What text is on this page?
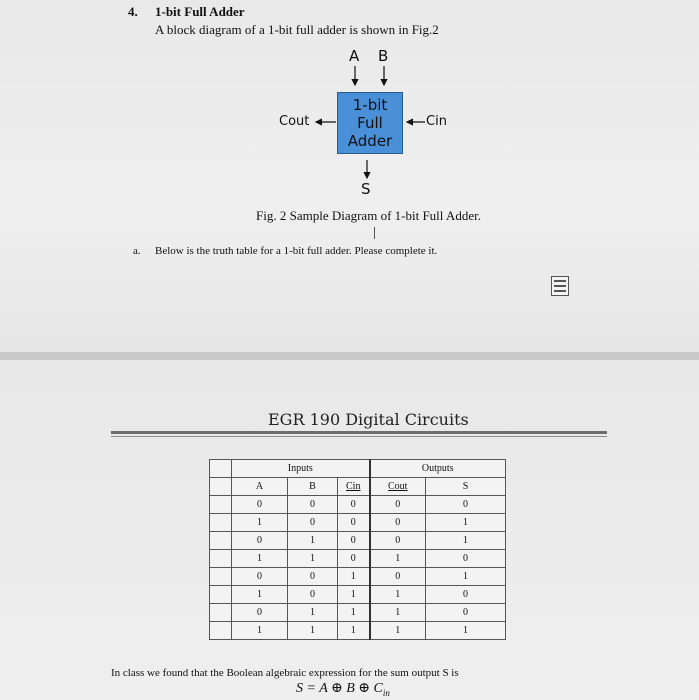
4. 1-bit Full Adder
A block diagram of a 1-bit full adder is shown in Fig.2
A B
1-bit
Full
Adder
Cout	Cin
S
Fig. 2 Sample Diagram of 1-bit Full Adder.
a. Below is the truth table for a 1-bit full adder. Please complete it.
EGR 190 Digital Circuits
	Inputs			Outputs	
	A	B	Cin	Cout	S
	0	0	0	0	0
	1	0	0	0	1
	0	1	0	0	1
	1	1	0	1	0
	0	0	1	0	1
	1	0	1	1	0
	0	1	1	1	0
	1	1	1	1	1
In class we found that the Boolean algebraic expression for the sum output S is
S = A ⊕ B ⊕ $C_{in}$
